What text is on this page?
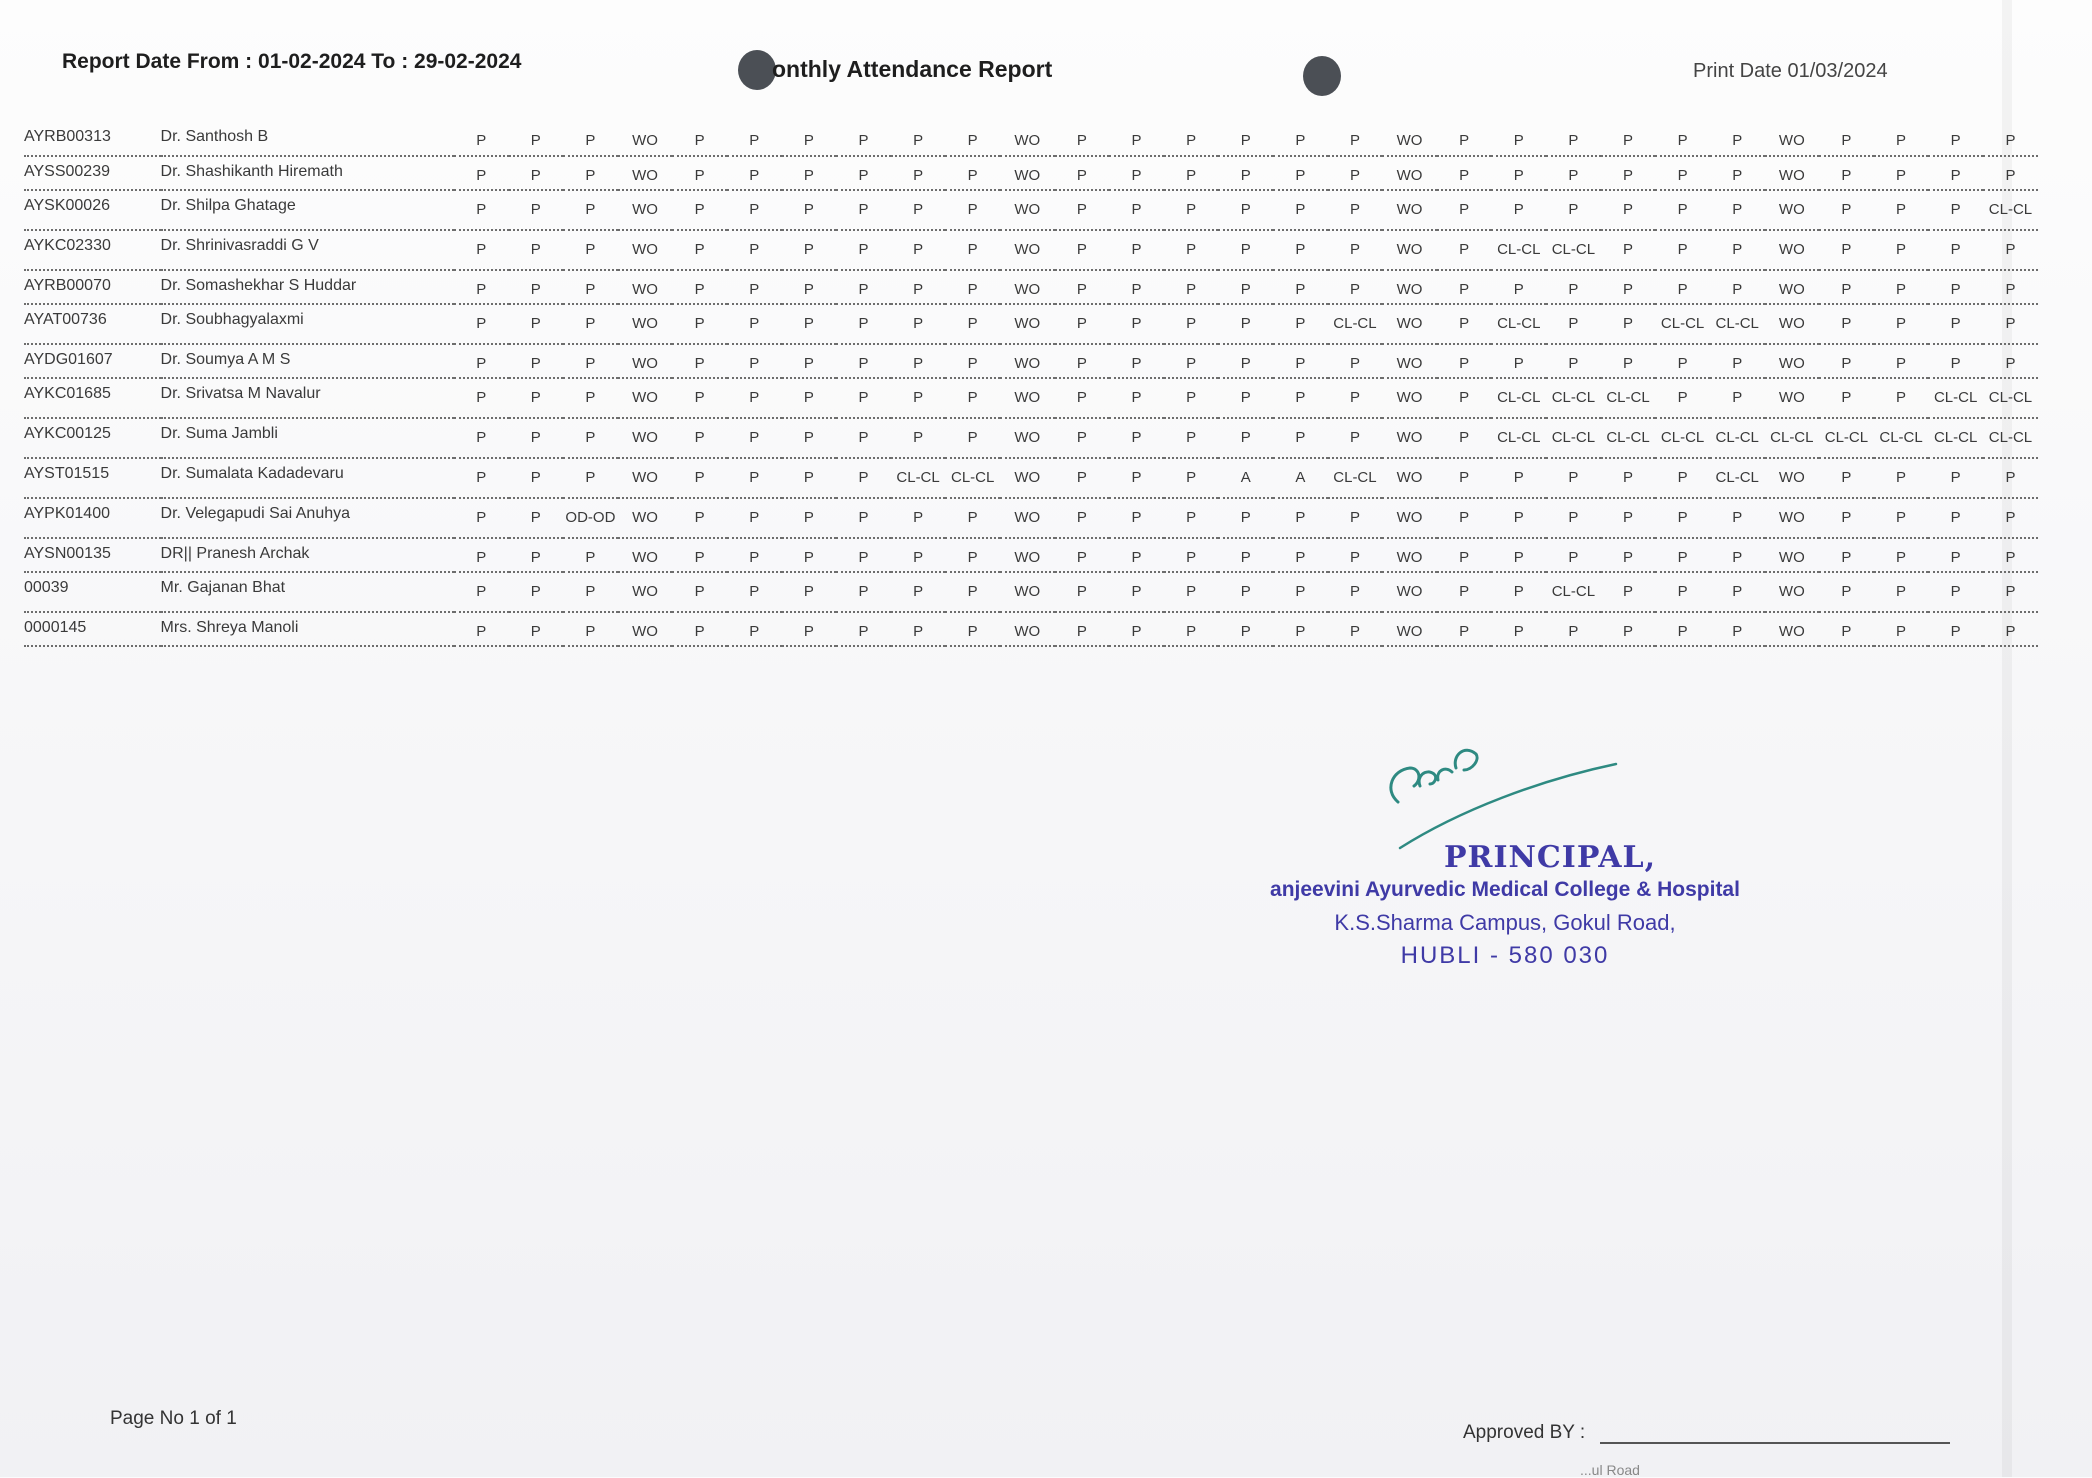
Report Date From : 01-02-2024 To : 29-02-2024	onthly Attendance Report	Print Date 01/03/2024
AYRB00313	Dr. Santhosh B	P	P	P	WO	P	P	P	P	P	P	WO	P	P	P	P	P	P	WO	P	P	P	P	P	P	WO	P	P	P	P
AYSS00239	Dr. Shashikanth Hiremath	P	P	P	WO	P	P	P	P	P	P	WO	P	P	P	P	P	P	WO	P	P	P	P	P	P	WO	P	P	P	P
AYSK00026	Dr. Shilpa Ghatage	P	P	P	WO	P	P	P	P	P	P	WO	P	P	P	P	P	P	WO	P	P	P	P	P	P	WO	P	P	P	CL-CL
AYKC02330	Dr. Shrinivasraddi G V	P	P	P	WO	P	P	P	P	P	P	WO	P	P	P	P	P	P	WO	P	CL-CL	CL-CL	P	P	P	WO	P	P	P	P
AYRB00070	Dr. Somashekhar S Huddar	P	P	P	WO	P	P	P	P	P	P	WO	P	P	P	P	P	P	WO	P	P	P	P	P	P	WO	P	P	P	P
AYAT00736	Dr. Soubhagyalaxmi	P	P	P	WO	P	P	P	P	P	P	WO	P	P	P	P	P	CL-CL	WO	P	CL-CL	P	P	CL-CL	CL-CL	WO	P	P	P	P
AYDG01607	Dr. Soumya A M S	P	P	P	WO	P	P	P	P	P	P	WO	P	P	P	P	P	P	WO	P	P	P	P	P	P	WO	P	P	P	P
AYKC01685	Dr. Srivatsa M Navalur	P	P	P	WO	P	P	P	P	P	P	WO	P	P	P	P	P	P	WO	P	CL-CL	CL-CL	CL-CL	P	P	WO	P	P	CL-CL	CL-CL
AYKC00125	Dr. Suma Jambli	P	P	P	WO	P	P	P	P	P	P	WO	P	P	P	P	P	P	WO	P	CL-CL	CL-CL	CL-CL	CL-CL	CL-CL	CL-CL	CL-CL	CL-CL	CL-CL	CL-CL
AYST01515	Dr. Sumalata Kadadevaru	P	P	P	WO	P	P	P	P	CL-CL	CL-CL	WO	P	P	P	A	A	CL-CL	WO	P	P	P	P	P	CL-CL	WO	P	P	P	P
AYPK01400	Dr. Velegapudi Sai Anuhya	P	P	OD-OD	WO	P	P	P	P	P	P	WO	P	P	P	P	P	P	WO	P	P	P	P	P	P	WO	P	P	P	P
AYSN00135	DR|| Pranesh Archak	P	P	P	WO	P	P	P	P	P	P	WO	P	P	P	P	P	P	WO	P	P	P	P	P	P	WO	P	P	P	P
00039	Mr. Gajanan Bhat	P	P	P	WO	P	P	P	P	P	P	WO	P	P	P	P	P	P	WO	P	P	CL-CL	P	P	P	WO	P	P	P	P
0000145	Mrs. Shreya Manoli	P	P	P	WO	P	P	P	P	P	P	WO	P	P	P	P	P	P	WO	P	P	P	P	P	P	WO	P	P	P	P
PRINCIPAL,
anjeevini Ayurvedic Medical College & Hospital
K.S.Sharma Campus, Gokul Road,
HUBLI - 580 030
Page No 1 of 1
Approved BY :
...ul Road
